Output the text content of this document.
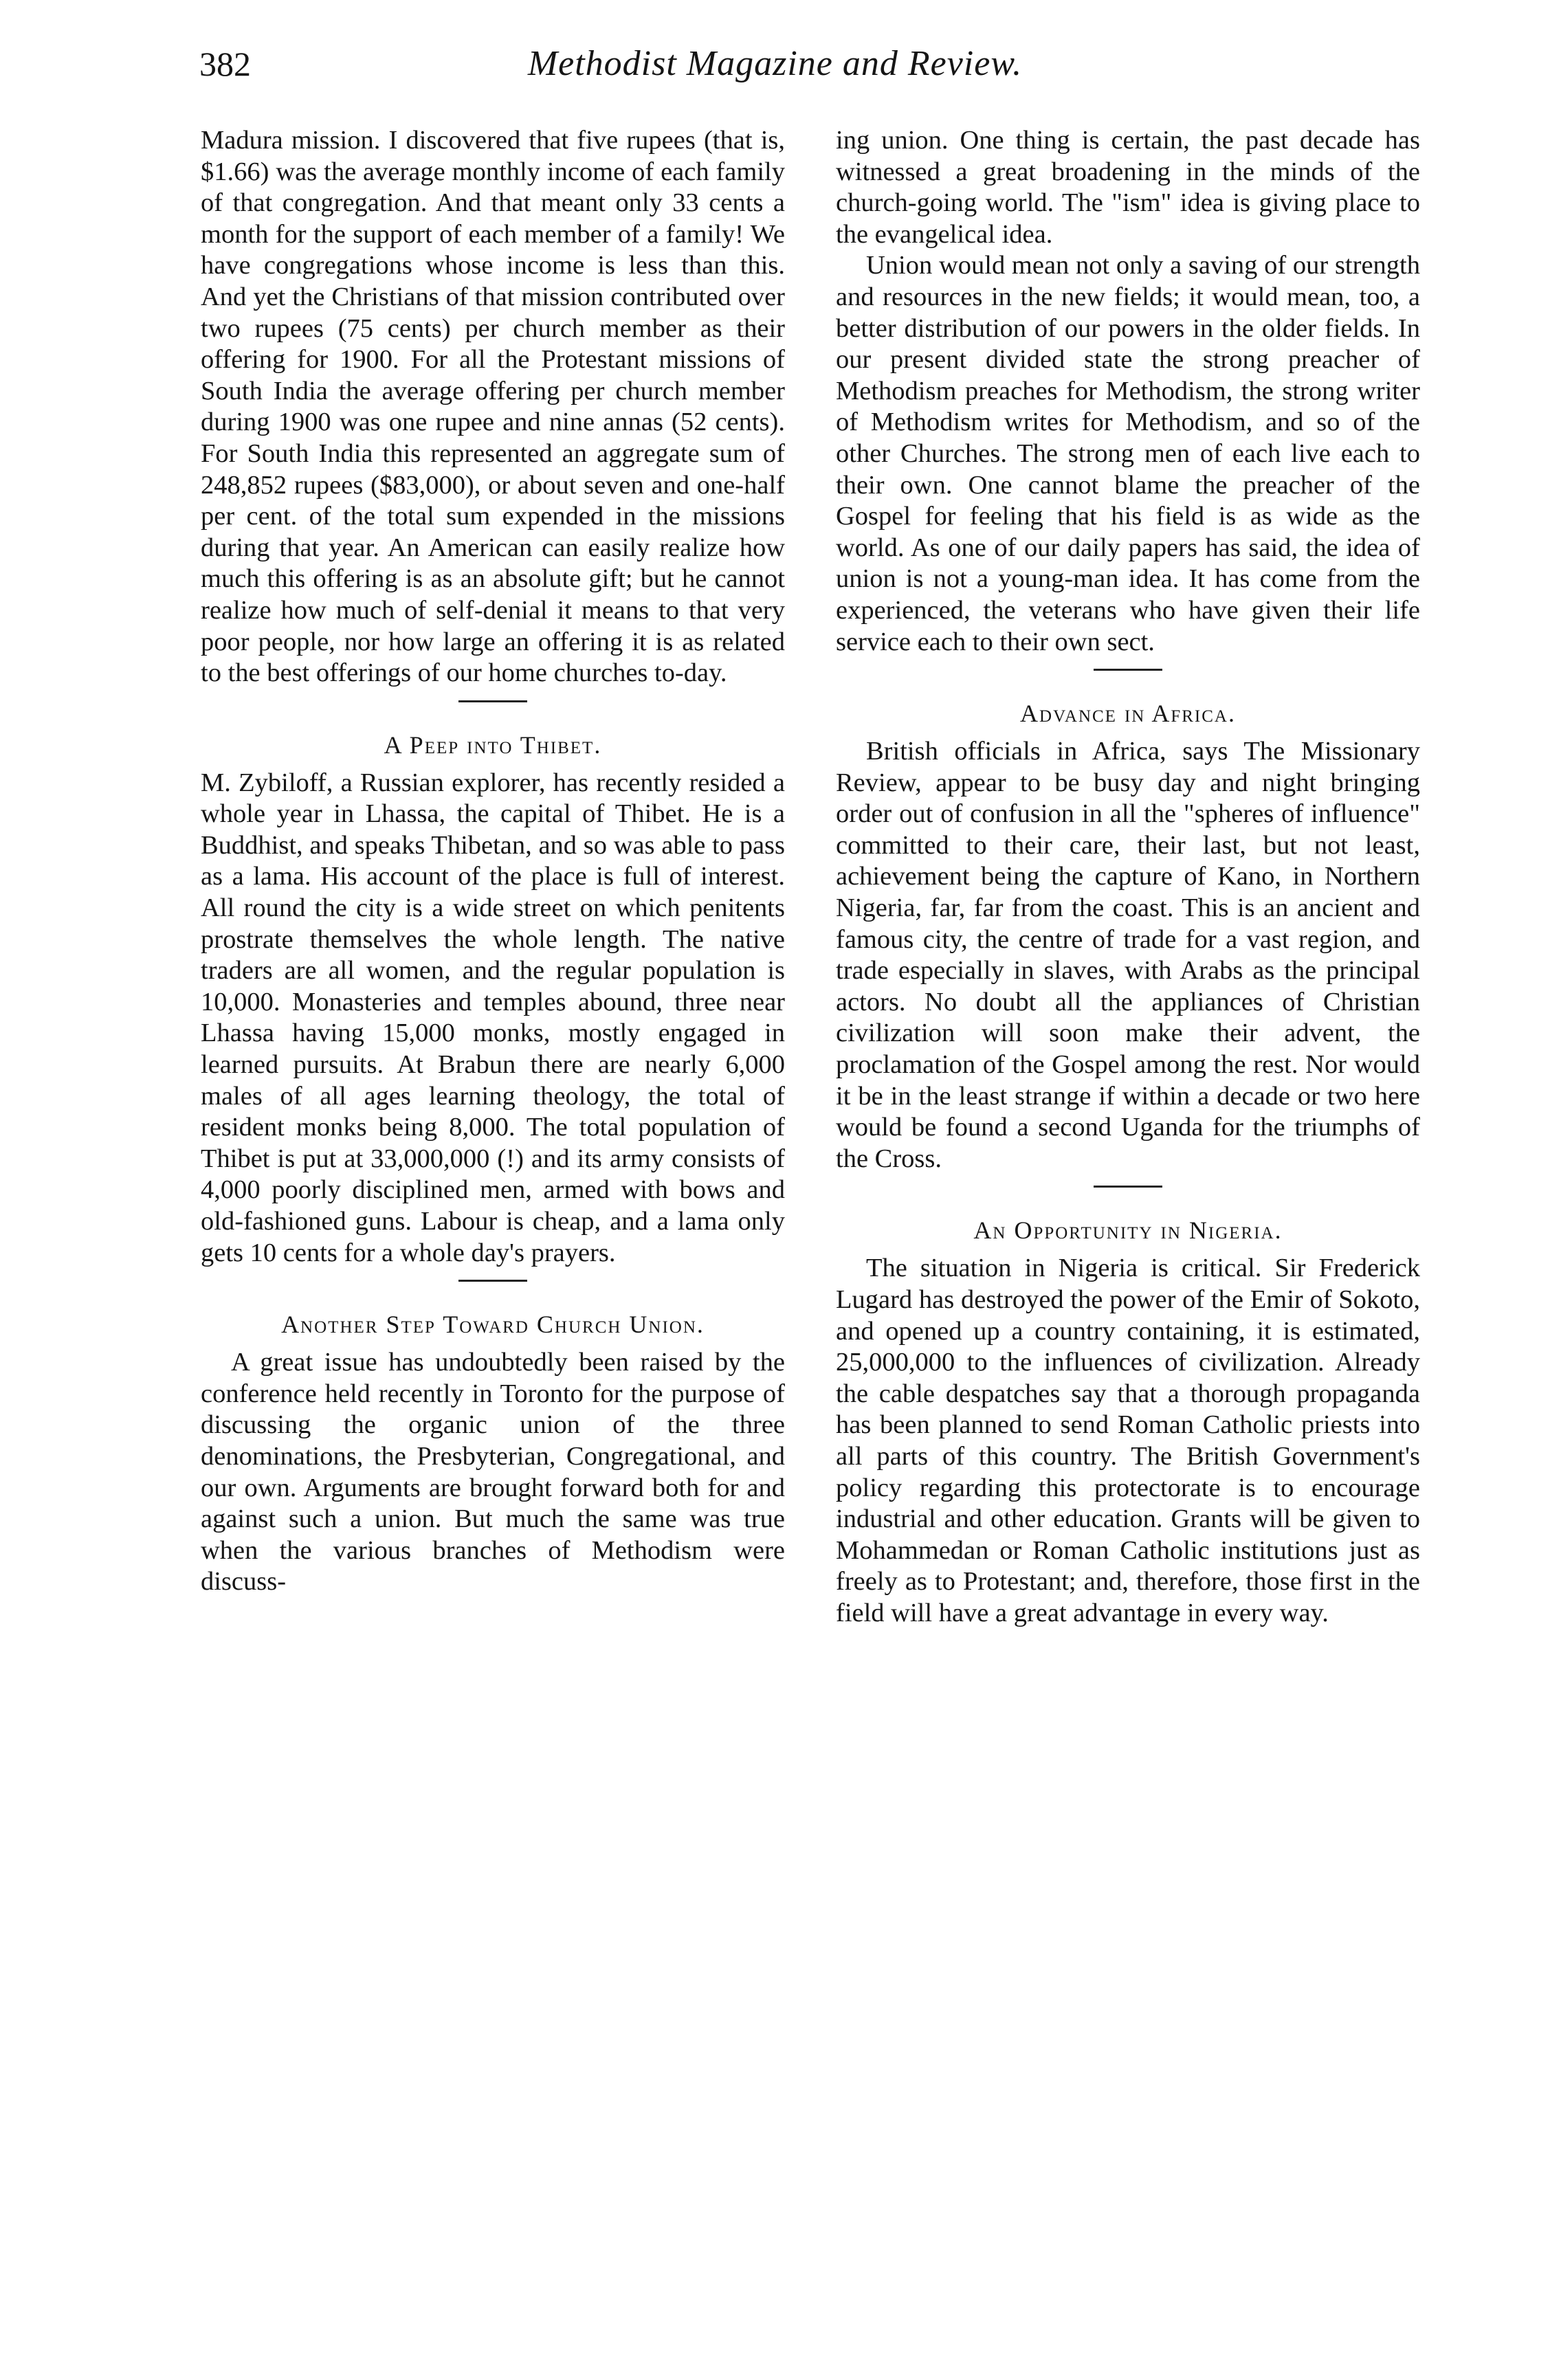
382	Methodist Magazine and Review.

Madura mission. I discovered that five rupees (that is, $1.66) was the average monthly income of each family of that congregation. And that meant only 33 cents a month for the support of each member of a family! We have congregations whose income is less than this. And yet the Christians of that mission contributed over two rupees (75 cents) per church member as their offering for 1900. For all the Protestant missions of South India the average offering per church member during 1900 was one rupee and nine annas (52 cents). For South India this represented an aggregate sum of 248,852 rupees ($83,000), or about seven and one-half per cent. of the total sum expended in the missions during that year. An American can easily realize how much this offering is as an absolute gift; but he cannot realize how much of self-denial it means to that very poor people, nor how large an offering it is as related to the best offerings of our home churches to-day.

A Peep into Thibet.

M. Zybiloff, a Russian explorer, has recently resided a whole year in Lhassa, the capital of Thibet. He is a Buddhist, and speaks Thibetan, and so was able to pass as a lama. His account of the place is full of interest. All round the city is a wide street on which penitents prostrate themselves the whole length. The native traders are all women, and the regular population is 10,000. Monasteries and temples abound, three near Lhassa having 15,000 monks, mostly engaged in learned pursuits. At Brabun there are nearly 6,000 males of all ages learning theology, the total of resident monks being 8,000. The total population of Thibet is put at 33,000,000 (!) and its army consists of 4,000 poorly disciplined men, armed with bows and old-fashioned guns. Labour is cheap, and a lama only gets 10 cents for a whole day's prayers.

Another Step Toward Church Union.

A great issue has undoubtedly been raised by the conference held recently in Toronto for the purpose of discussing the organic union of the three denominations, the Presbyterian, Congregational, and our own. Arguments are brought forward both for and against such a union. But much the same was true when the various branches of Methodism were discuss-

ing union. One thing is certain, the past decade has witnessed a great broadening in the minds of the church-going world. The "ism" idea is giving place to the evangelical idea.

Union would mean not only a saving of our strength and resources in the new fields; it would mean, too, a better distribution of our powers in the older fields. In our present divided state the strong preacher of Methodism preaches for Methodism, the strong writer of Methodism writes for Methodism, and so of the other Churches. The strong men of each live each to their own. One cannot blame the preacher of the Gospel for feeling that his field is as wide as the world. As one of our daily papers has said, the idea of union is not a young-man idea. It has come from the experienced, the veterans who have given their life service each to their own sect.

Advance in Africa.

British officials in Africa, says The Missionary Review, appear to be busy day and night bringing order out of confusion in all the "spheres of influence" committed to their care, their last, but not least, achievement being the capture of Kano, in Northern Nigeria, far, far from the coast. This is an ancient and famous city, the centre of trade for a vast region, and trade especially in slaves, with Arabs as the principal actors. No doubt all the appliances of Christian civilization will soon make their advent, the proclamation of the Gospel among the rest. Nor would it be in the least strange if within a decade or two here would be found a second Uganda for the triumphs of the Cross.

An Opportunity in Nigeria.

The situation in Nigeria is critical. Sir Frederick Lugard has destroyed the power of the Emir of Sokoto, and opened up a country containing, it is estimated, 25,000,000 to the influences of civilization. Already the cable despatches say that a thorough propaganda has been planned to send Roman Catholic priests into all parts of this country. The British Government's policy regarding this protectorate is to encourage industrial and other education. Grants will be given to Mohammedan or Roman Catholic institutions just as freely as to Protestant; and, therefore, those first in the field will have a great advantage in every way.
